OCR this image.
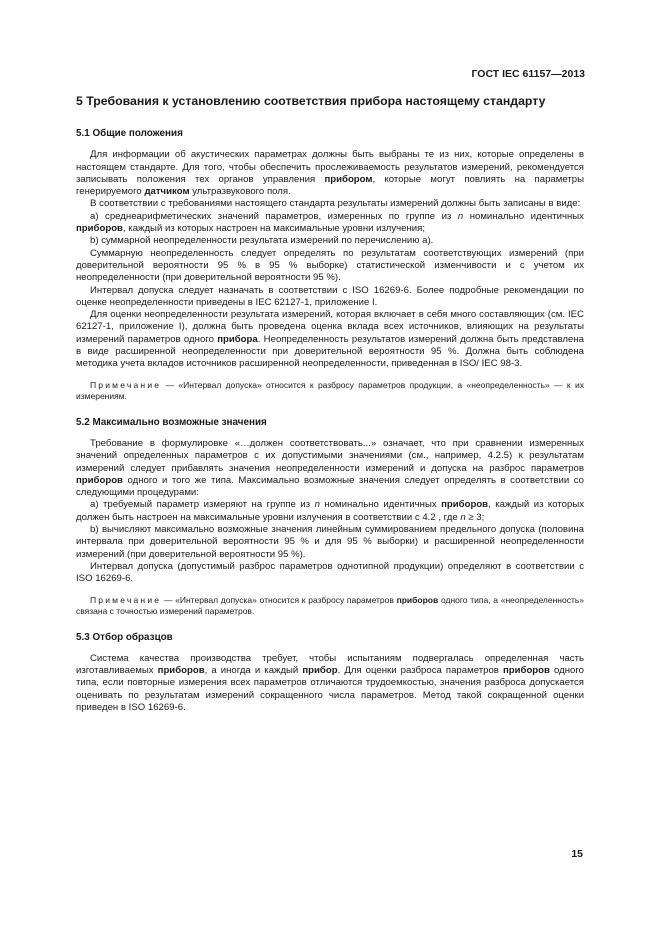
ГОСТ IEC 61157—2013
5 Требования к установлению соответствия прибора настоящему стандарту
5.1 Общие положения

Для информации об акустических параметрах должны быть выбраны те из них, которые определены в настоящем стандарте. Для того, чтобы обеспечить прослеживаемость результатов измерений, рекомендуется записывать положения тех органов управления прибором, которые могут повлиять на параметры генерируемого датчиком ультразвукового поля.

В соответствии с требованиями настоящего стандарта результаты измерений должны быть записаны в виде:

а) среднеарифметических значений параметров, измеренных по группе из n номинально идентичных приборов, каждый из которых настроен на максимальные уровни излучения;

b) суммарной неопределенности результата измерений по перечислению а).

Суммарную неопределенность следует определять по результатам соответствующих измерений (при доверительной вероятности 95 % в 95 % выборке) статистической изменчивости и с учетом их неопределенности (при доверительной вероятности 95 %).

Интервал допуска следует назначать в соответствии с ISO 16269-6. Более подробные рекомендации по оценке неопределенности приведены в IEC 62127-1, приложение I.

Для оценки неопределенности результата измерений, которая включает в себя много составляющих (см. IEC 62127-1, приложение I), должна быть проведена оценка вклада всех источников, влияющих на результаты измерений параметров одного прибора. Неопределенность результатов измерений должна быть представлена в виде расширенной неопределенности при доверительной вероятности 95 %. Должна быть соблюдена методика учета вкладов источников расширенной неопределенности, приведенная в ISO/ IEC 98-3.

Примечание — «Интервал допуска» относится к разбросу параметров продукции, а «неопределенность» — к их измерениям.

5.2 Максимально возможные значения

Требование в формулировке «…должен соответствовать...» означает, что при сравнении измеренных значений определенных параметров с их допустимыми значениями (см., например, 4.2.5) к результатам измерений следует прибавлять значения неопределенности измерений и допуска на разброс параметров приборов одного и того же типа. Максимально возможные значения следует определять в соответствии со следующими процедурами:

а) требуемый параметр измеряют на группе из n номинально идентичных приборов, каждый из которых должен быть настроен на максимальные уровни излучения в соответствии с 4.2 , где n ≥ 3;

b) вычисляют максимально возможные значения линейным суммированием предельного допуска (половина интервала при доверительной вероятности 95 % и для 95 % выборки) и расширенной неопределенности измерений (при доверительной вероятности 95 %).

Интервал допуска (допустимый разброс параметров однотипной продукции) определяют в соответствии с ISO 16269-6.

Примечание — «Интервал допуска» относится к разбросу параметров приборов одного типа, а «неопределенность» связана с точностью измерений параметров.

5.3 Отбор образцов

Система качества производства требует, чтобы испытаниям подвергалась определенная часть изготавливаемых приборов, а иногда и каждый прибор. Для оценки разброса параметров приборов одного типа, если повторные измерения всех параметров отличаются трудоемкостью, значения разброса допускается оценивать по результатам измерений сокращенного числа параметров. Метод такой сокращенной оценки приведен в ISO 16269-6.

15
